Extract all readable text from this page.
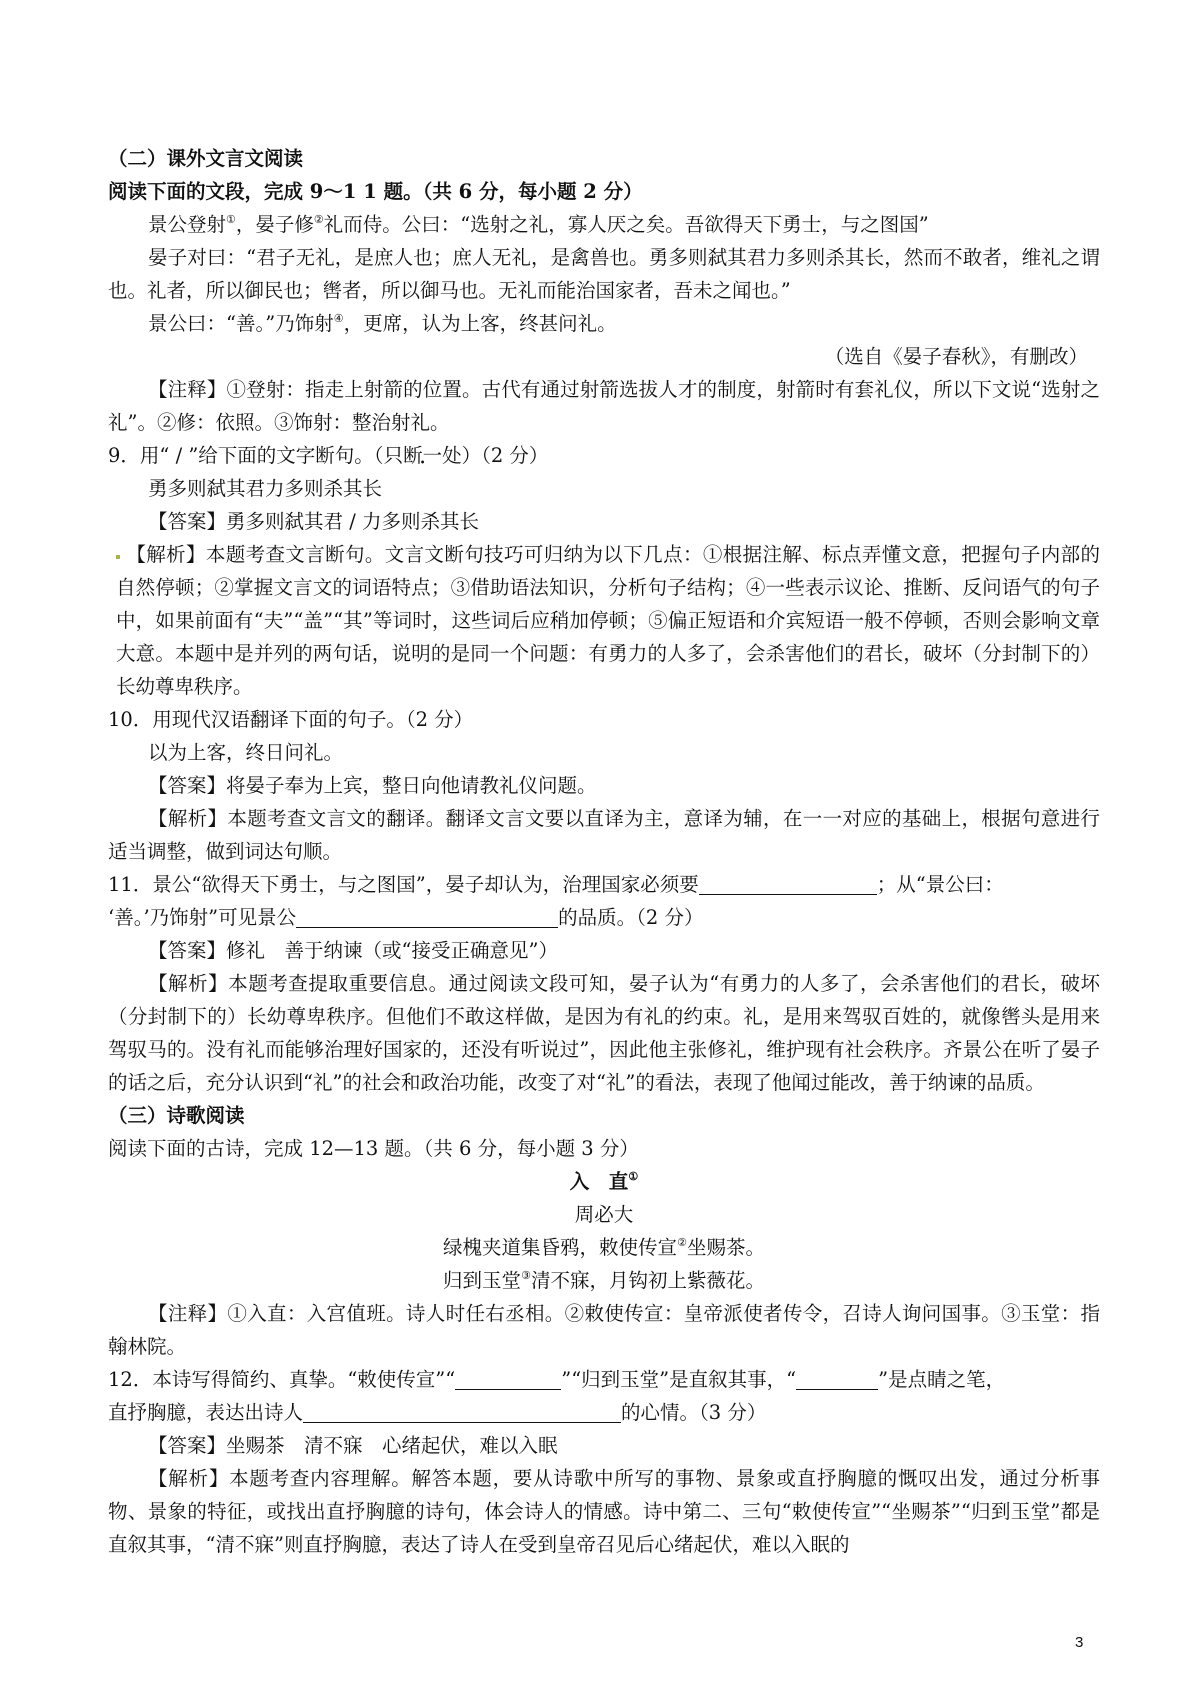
（二）课外文言文阅读
阅读下面的文段，完成 9～1 1 题。（共 6 分，每小题 2 分）
景公登射①，晏子修②礼而侍。公曰：“选射之礼，寡人厌之矣。吾欲得天下勇士，与之图国”
晏子对曰：“君子无礼，是庶人也；庶人无礼，是禽兽也。勇多则弑其君力多则杀其长，然而不敢者，维礼之谓也。礼者，所以御民也；辔者，所以御马也。无礼而能治国家者，吾未之闻也。”
景公曰：“善。”乃饰射④，更席，认为上客，终甚问礼。
（选自《晏子春秋》，有删改）
【注释】①登射：指走上射箭的位置。古代有通过射箭选拔人才的制度，射箭时有套礼仪，所以下文说“选射之礼”。②修：依照。③饰射：整治射礼。
9．用“ / ”给下面的文字断句。（只断一处）（2 分）
勇多则弑其君力多则杀其长
【答案】勇多则弑其君 / 力多则杀其长
【解析】本题考查文言断句。文言文断句技巧可归纳为以下几点：①根据注解、标点弄懂文意，把握句子内部的自然停顿；②掌握文言文的词语特点；③借助语法知识，分析句子结构；④一些表示议论、推断、反问语气的句子中，如果前面有“夫”“盖”“其”等词时，这些词后应稍加停顿；⑤偏正短语和介宾短语一般不停顿，否则会影响文章大意。本题中是并列的两句话，说明的是同一个问题：有勇力的人多了，会杀害他们的君长，破坏（分封制下的）长幼尊卑秩序。
10．用现代汉语翻译下面的句子。（2 分）
以为上客，终日问礼。
【答案】将晏子奉为上宾，整日向他请教礼仪问题。
【解析】本题考查文言文的翻译。翻译文言文要以直译为主，意译为辅，在一一对应的基础上，根据句意进行适当调整，做到词达句顺。
11．景公“欲得天下勇士，与之图国”，晏子却认为，治理国家必须要	；从“景公曰：
‘善。’乃饰射”可见景公	的品质。（2 分）
【答案】修礼　善于纳谏（或“接受正确意见”）
【解析】本题考查提取重要信息。通过阅读文段可知，晏子认为“有勇力的人多了，会杀害他们的君长，破坏（分封制下的）长幼尊卑秩序。但他们不敢这样做，是因为有礼的约束。礼，是用来驾驭百姓的，就像辔头是用来驾驭马的。没有礼而能够治理好国家的，还没有听说过”，因此他主张修礼，维护现有社会秩序。齐景公在听了晏子的话之后，充分认识到“礼”的社会和政治功能，改变了对“礼”的看法，表现了他闻过能改，善于纳谏的品质。
（三）诗歌阅读
阅读下面的古诗，完成 12—13 题。（共 6 分，每小题 3 分）
入　直①
周必大
绿槐夹道集昏鸦，敕使传宣②坐赐茶。
归到玉堂③清不寐，月钩初上紫薇花。
【注释】①入直：入宫值班。诗人时任右丞相。②敕使传宣：皇帝派使者传令，召诗人询问国事。③玉堂：指翰林院。
12．本诗写得简约、真挚。“敕使传宣”“	”“归到玉堂”是直叙其事，“	”是点睛之笔，
直抒胸臆，表达出诗人	的心情。（3 分）
【答案】坐赐茶　清不寐　心绪起伏，难以入眠
【解析】本题考查内容理解。解答本题，要从诗歌中所写的事物、景象或直抒胸臆的慨叹出发，通过分析事物、景象的特征，或找出直抒胸臆的诗句，体会诗人的情感。诗中第二、三句“敕使传宣”“坐赐茶”“归到玉堂”都是直叙其事，“清不寐”则直抒胸臆，表达了诗人在受到皇帝召见后心绪起伏，难以入眠的
3
